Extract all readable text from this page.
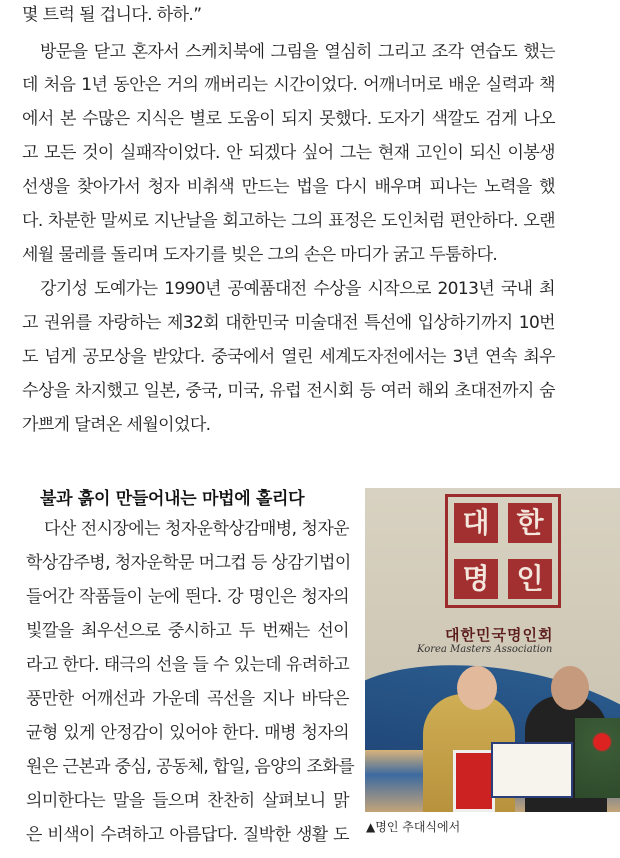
몇 트럭 될 겁니다. 하하.”
방문을 닫고 혼자서 스케치북에 그림을 열심히 그리고 조각 연습도 했는
데 처음 1년 동안은 거의 깨버리는 시간이었다. 어깨너머로 배운 실력과 책
에서 본 수많은 지식은 별로 도움이 되지 못했다. 도자기 색깔도 검게 나오
고 모든 것이 실패작이었다. 안 되겠다 싶어 그는 현재 고인이 되신 이봉생
선생을 찾아가서 청자 비취색 만드는 법을 다시 배우며 피나는 노력을 했
다. 차분한 말씨로 지난날을 회고하는 그의 표정은 도인처럼 편안하다. 오랜
세월 물레를 돌리며 도자기를 빚은 그의 손은 마디가 굵고 두툼하다.
강기성 도예가는 1990년 공예품대전 수상을 시작으로 2013년 국내 최
고 권위를 자랑하는 제32회 대한민국 미술대전 특선에 입상하기까지 10번
도 넘게 공모상을 받았다. 중국에서 열린 세계도자전에서는 3년 연속 최우
수상을 차지했고 일본, 중국, 미국, 유럽 전시회 등 여러 해외 초대전까지 숨
가쁘게 달려온 세월이었다.
불과 흙이 만들어내는 마법에 홀리다
다산 전시장에는 청자운학상감매병, 청자운
학상감주병, 청자운학문 머그컵 등 상감기법이
들어간 작품들이 눈에 띈다. 강 명인은 청자의
빛깔을 최우선으로 중시하고 두 번째는 선이
라고 한다. 태극의 선을 들 수 있는데 유려하고
풍만한 어깨선과 가운데 곡선을 지나 바닥은
균형 있게 안정감이 있어야 한다. 매병 청자의
원은 근본과 중심, 공동체, 합일, 음양의 조화를
의미한다는 말을 들으며 찬찬히 살펴보니 맑
은 비색이 수려하고 아름답다. 질박한 생활 도
대 한
명 인
대한민국명인회
Korea Masters Association
▲명인 추대식에서
